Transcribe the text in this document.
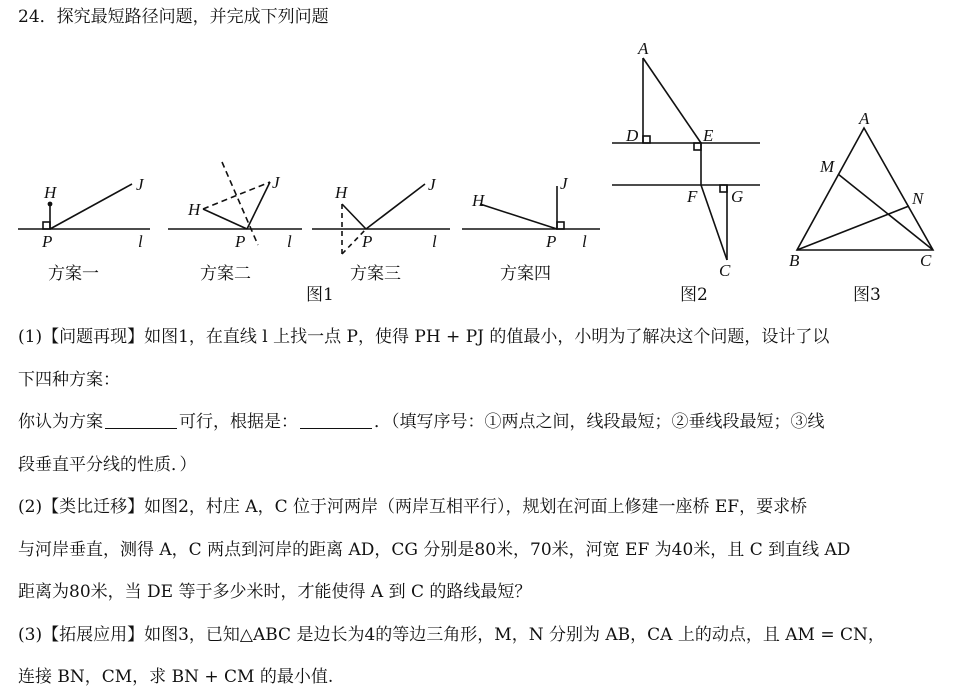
24．探究最短路径问题，并完成下列问题
H	J
P	l
方案一
H
J
P l
方案二
H	J
P	l
方案三
图1
H
J
P l
方案四
A
D	E
F G
C
图2
A
M
N
B	C
图3
(1)【问题再现】如图1，在直线 l 上找一点 P，使得 PH + PJ 的值最小，小明为了解决这个问题，设计了以
下四种方案：
你认为方案	可行，根据是：	．（填写序号：①两点之间，线段最短；②垂线段最短；③线
段垂直平分线的性质．）
(2)【类比迁移】如图2，村庄 A，C 位于河两岸（两岸互相平行），规划在河面上修建一座桥 EF，要求桥
与河岸垂直，测得 A，C 两点到河岸的距离 AD，CG 分别是80米，70米，河宽 EF 为40米，且 C 到直线 AD
距离为80米，当 DE 等于多少米时，才能使得 A 到 C 的路线最短？
(3)【拓展应用】如图3，已知△ABC 是边长为4的等边三角形，M，N 分别为 AB，CA 上的动点，且 AM = CN，
连接 BN，CM，求 BN + CM 的最小值.
